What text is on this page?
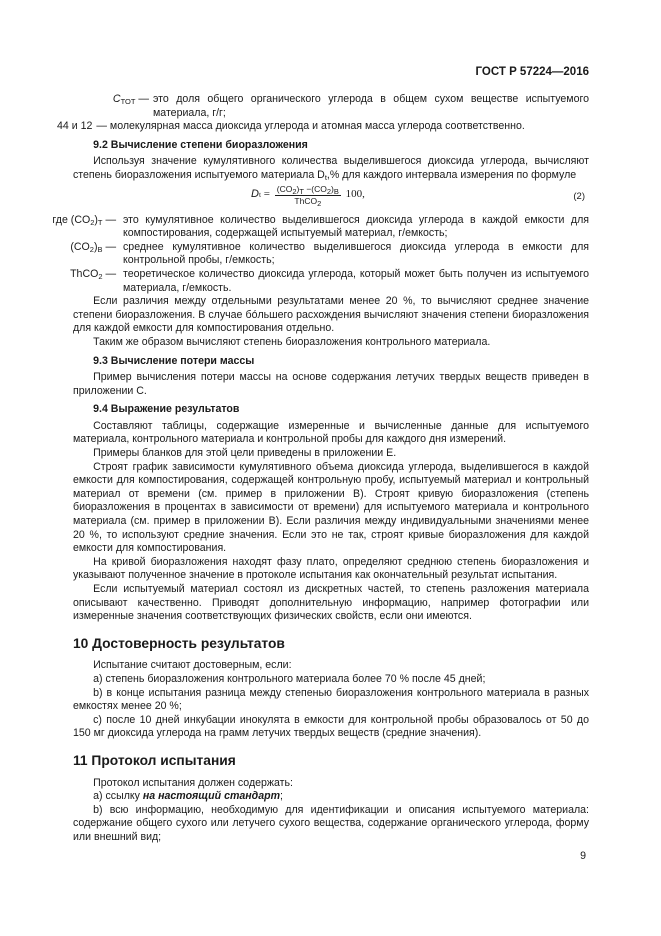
ГОСТ Р 57224—2016
$C_{TOT}$ — это доля общего органического углерода в общем сухом веществе испытуемого материала, г/г;
44 и 12 — молекулярная масса диоксида углерода и атомная масса углерода соответственно.
9.2 Вычисление степени биоразложения

Используя значение кумулятивного количества выделившегося диоксида углерода, вычисляют степень биоразложения испытуемого материала $D_t,\%$ для каждого интервала измерения по формуле

D $t = \frac{(CO_2)_T -(CO_2)_B}{ThCO_2} 100$,	(2)
где $(CO_2)_T$ — это кумулятивное количество выделившегося диоксида углерода в каждой емкости для компостирования, содержащей испытуемый материал, г/емкость;
$(CO_2)_B$ — среднее кумулятивное количество выделившегося диоксида углерода в емкости для контрольной пробы, г/емкость;
ThCO$_2$ — теоретическое количество диоксида углерода, который может быть получен из испытуемого материала, г/емкость.

Если различия между отдельными результатами менее 20 %, то вычисляют среднее значение степени биоразложения. В случае бóльшего расхождения вычисляют значения степени биоразложения для каждой емкости для компостирования отдельно.

Таким же образом вычисляют степень биоразложения контрольного материала.

9.3 Вычисление потери массы

Пример вычисления потери массы на основе содержания летучих твердых веществ приведен в приложении С.

9.4 Выражение результатов

Составляют таблицы, содержащие измеренные и вычисленные данные для испытуемого материала, контрольного материала и контрольной пробы для каждого дня измерений.

Примеры бланков для этой цели приведены в приложении Е.

Строят график зависимости кумулятивного объема диоксида углерода, выделившегося в каждой емкости для компостирования, содержащей контрольную пробу, испытуемый материал и контрольный материал от времени (см. пример в приложении В). Строят кривую биоразложения (степень биоразложения в процентах в зависимости от времени) для испытуемого материала и контрольного материала (см. пример в приложении В). Если различия между индивидуальными значениями менее 20 %, то используют средние значения. Если это не так, строят кривые биоразложения для каждой емкости для компостирования.

На кривой биоразложения находят фазу плато, определяют среднюю степень биоразложения и указывают полученное значение в протоколе испытания как окончательный результат испытания.

Если испытуемый материал состоял из дискретных частей, то степень разложения материала описывают качественно. Приводят дополнительную информацию, например фотографии или измеренные значения соответствующих физических свойств, если они имеются.

10 Достоверность результатов

Испытание считают достоверным, если:

а) степень биоразложения контрольного материала более 70 % после 45 дней;

b) в конце испытания разница между степенью биоразложения контрольного материала в разных емкостях менее 20 %;

с) после 10 дней инкубации инокулята в емкости для контрольной пробы образовалось от 50 до 150 мг диоксида углерода на грамм летучих твердых веществ (средние значения).

11 Протокол испытания

Протокол испытания должен содержать:

а) ссылку на настоящий стандарт;

b) всю информацию, необходимую для идентификации и описания испытуемого материала: содержание общего сухого или летучего сухого вещества, содержание органического углерода, форму или внешний вид;

9
